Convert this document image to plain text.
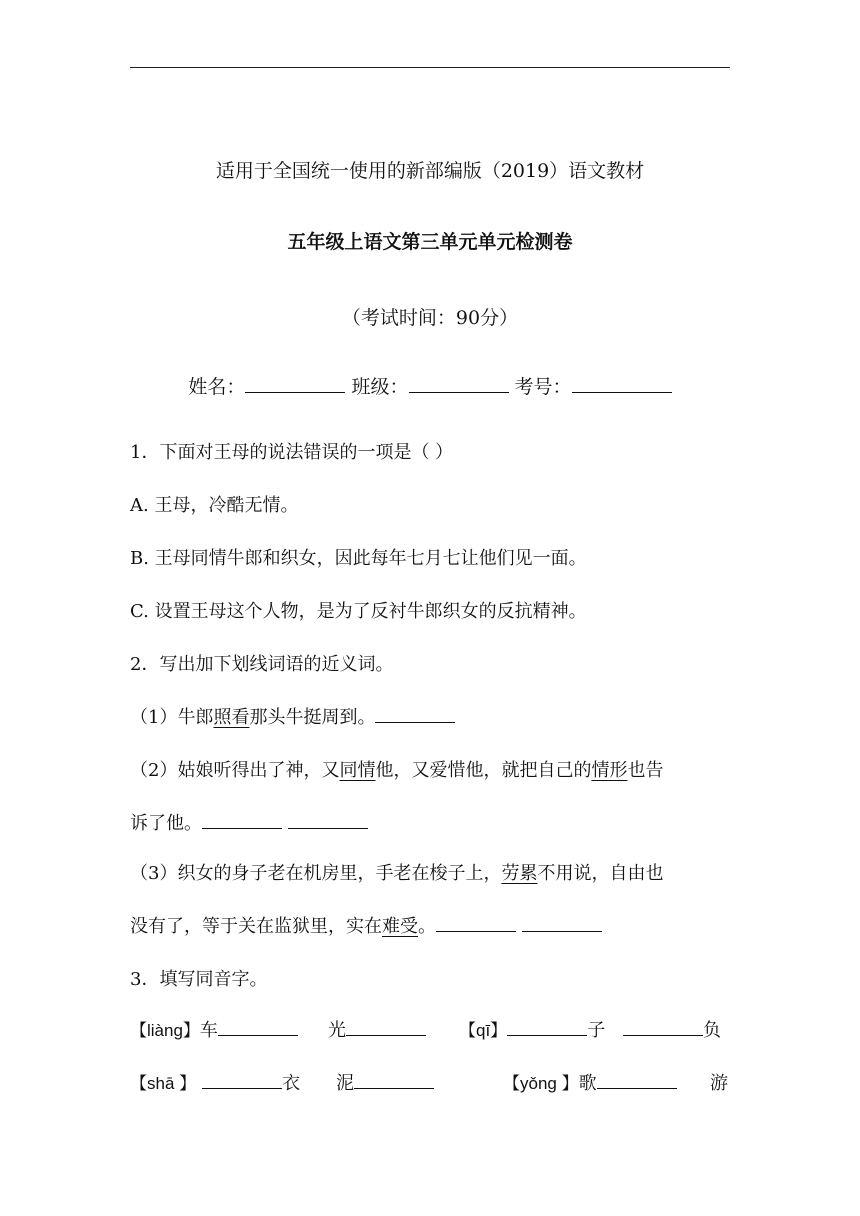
适用于全国统一使用的新部编版（2019）语文教材
五年级上语文第三单元单元检测卷
（考试时间：90分）
姓名：	班级：	考号：
1．下面对王母的说法错误的一项是（ ）
A. 王母，冷酷无情。
B. 王母同情牛郎和织女，因此每年七月七让他们见一面。
C. 设置王母这个人物，是为了反衬牛郎织女的反抗精神。
2．写出加下划线词语的近义词。
（1）牛郎照看那头牛挺周到。
（2）姑娘听得出了神，又同情他，又爱惜他，就把自己的情形也告
诉了他。
（3）织女的身子老在机房里，手老在梭子上，劳累不用说，自由也
没有了，等于关在监狱里，实在难受。
3．填写同音字。
【liàng】车	光	【qī】	子	负
【shā 】	衣 泥	【yǒng 】歌	游
